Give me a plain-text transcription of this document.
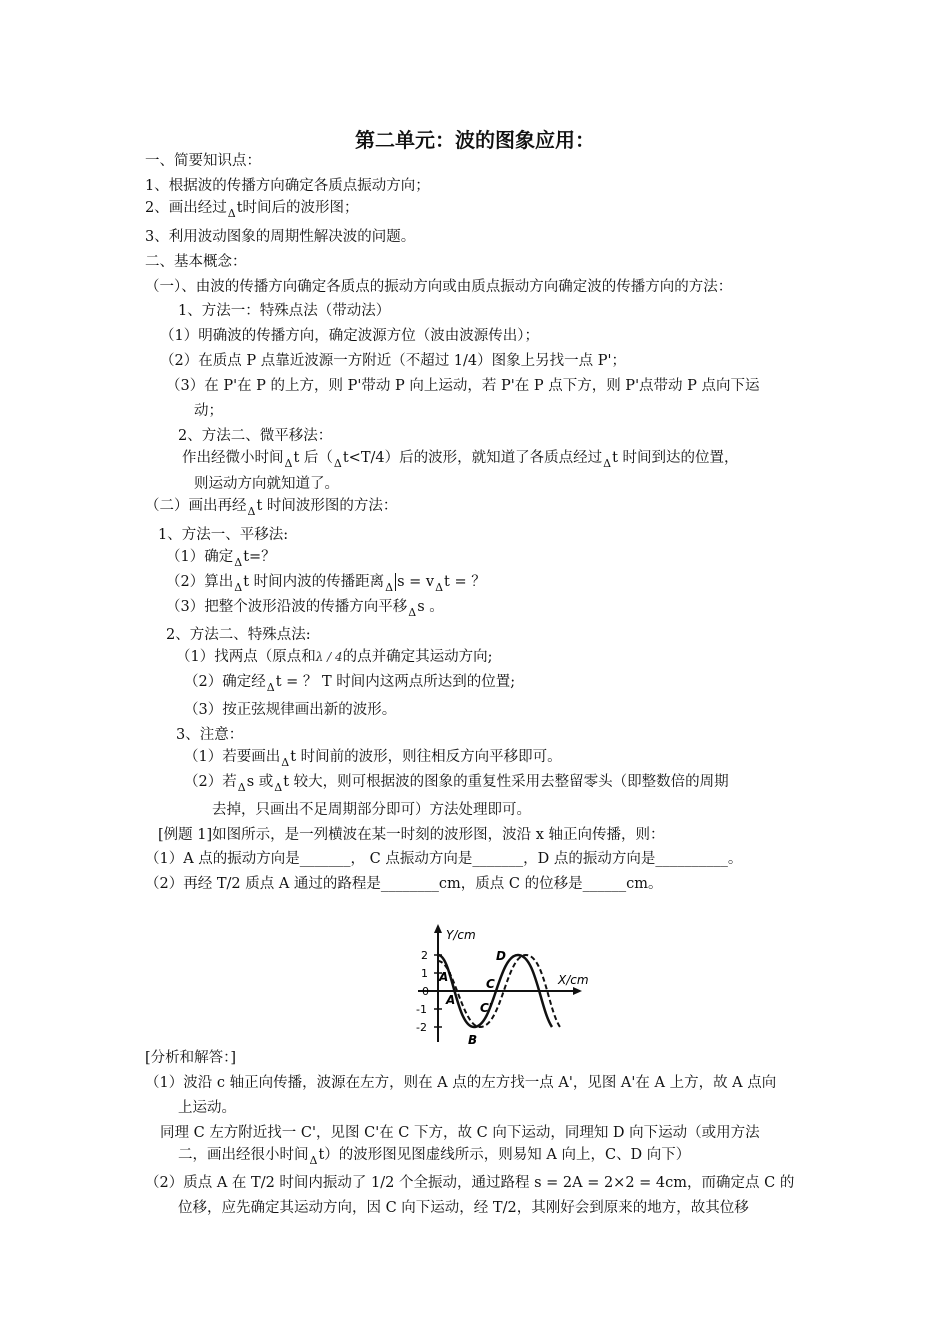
第二单元：波的图象应用：
一、简要知识点：
1、根据波的传播方向确定各质点振动方向；
2、画出经过$_\Delta$t时间后的波形图；
3、利用波动图象的周期性解决波的问题。
二、基本概念：
（一）、由波的传播方向确定各质点的振动方向或由质点振动方向确定波的传播方向的方法：
1、方法一：特殊点法（带动法）
（1）明确波的传播方向，确定波源方位（波由波源传出）；
（2）在质点 P 点靠近波源一方附近（不超过 1/4）图象上另找一点 P'；
（3）在 P'在 P 的上方，则 P'带动 P 向上运动，若 P'在 P 点下方，则 P'点带动 P 点向下运
动；
2、方法二、微平移法：
作出经微小时间$_\Delta$t 后$(_\Delta t<T/4)$后的波形，就知道了各质点经过$_\Delta$t 时间到达的位置，
则运动方向就知道了。
（二）画出再经$_\Delta$t 时间波形图的方法：
1、方法一、平移法:
（1）确定$_\Delta$t=？
（2）算出$_\Delta$t 时间内波的传播距离$_\Delta$ $s = v_\Delta t$ = ？
（3）把整个波形沿波的传播方向平移$_\Delta$s 。
2、方法二、特殊点法:
（1）找两点（原点和λ / 4的点并确定其运动方向;
（2）确定经$_\Delta$t = ？ T 时间内这两点所达到的位置;
（3）按正弦规律画出新的波形。
3、注意：
（1）若要画出$_\Delta$t 时间前的波形，则往相反方向平移即可。
（2）若$_\Delta$s 或$_\Delta$t 较大，则可根据波的图象的重复性采用去整留零头（即整数倍的周期
去掉，只画出不足周期部分即可）方法处理即可。
[例题 1]如图所示，是一列横波在某一时刻的波形图，波沿 x 轴正向传播，则：
（1）A 点的振动方向是_______， C 点振动方向是_______，D 点的振动方向是__________。
（2）再经 T/2 质点 A 通过的路程是________cm，质点 C 的位移是______cm。
Y/cm
X/cm
2
1
0
-1
-2
A'
A
B
C
C'
D
[分析和解答：]
（1）波沿 c 轴正向传播，波源在左方，则在 A 点的左方找一点 A'，见图 A'在 A 上方，故 A 点向
上运动。
同理 C 左方附近找一 C'，见图 C'在 C 下方，故 C 向下运动，同理知 D 向下运动（或用方法
二，画出经很小时间$_\Delta$t）的波形图见图虚线所示，则易知 A 向上，C、D 向下）
（2）质点 A 在 T/2 时间内振动了 1/2 个全振动，通过路程 s = 2A = 2×2 = 4cm，而确定点 C 的
位移，应先确定其运动方向，因 C 向下运动，经 T/2，其刚好会到原来的地方，故其位移
